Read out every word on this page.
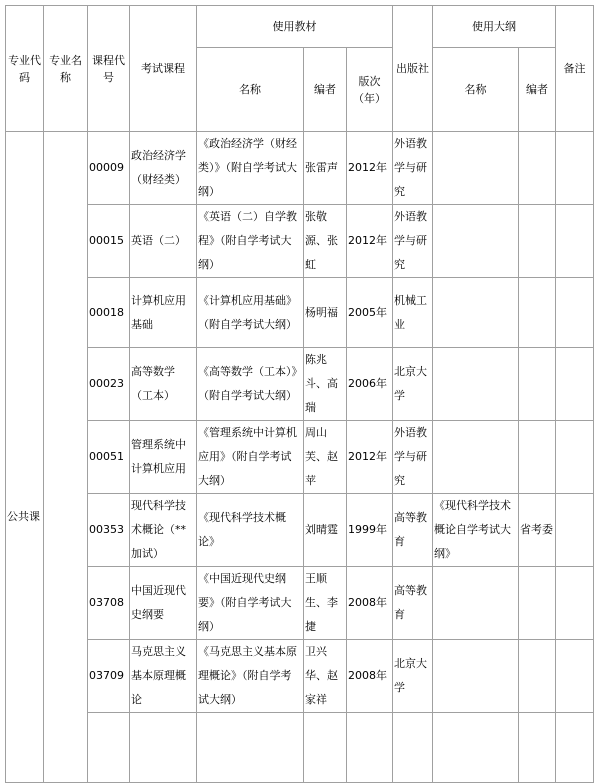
专业代码	专业名称	课程代号	考试课程	使用教材			出版社	使用大纲		备注
				名称	编者	版次（年）		名称	编者	
公共课		00009	政治经济学（财经类）	《政治经济学（财经类）》（附自学考试大纲）	张雷声	2012年	外语教学与研究			
		00015	英语（二）	《英语（二）自学教程》（附自学考试大纲）	张敬源、张虹	2012年	外语教学与研究			
		00018	计算机应用基础	《计算机应用基础》（附自学考试大纲）	杨明福	2005年	机械工业			
		00023	高等数学（工本）	《高等数学（工本）》（附自学考试大纲）	陈兆斗、高瑞	2006年	北京大学			
		00051	管理系统中计算机应用	《管理系统中计算机应用》（附自学考试大纲）	周山芙、赵苹	2012年	外语教学与研究			
		00353	现代科学技术概论（**加试）	《现代科学技术概论》	刘晴霆	1999年	高等教育	《现代科学技术概论自学考试大纲》	省考委	
		03708	中国近现代史纲要	《中国近现代史纲要》（附自学考试大纲）	王顺生、李捷	2008年	高等教育			
		03709	马克思主义基本原理概论	《马克思主义基本原理概论》（附自学考试大纲）	卫兴华、赵家祥	2008年	北京大学			
